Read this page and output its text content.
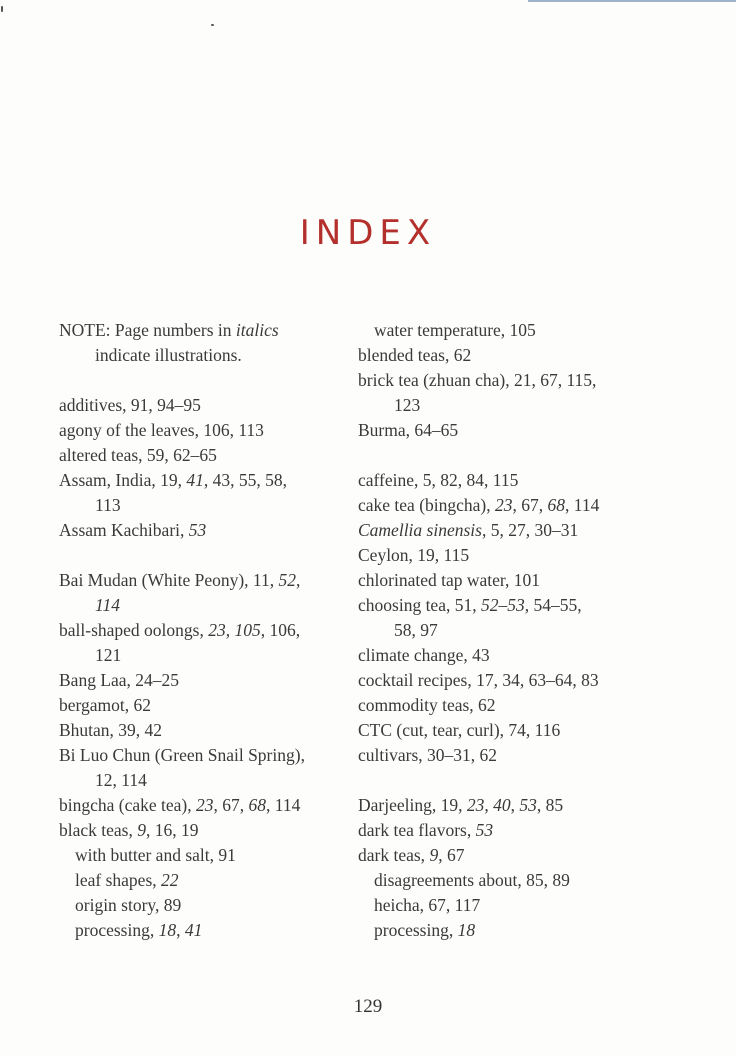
INDEX
NOTE: Page numbers in italics
indicate illustrations.
additives, 91, 94–95
agony of the leaves, 106, 113
altered teas, 59, 62–65
Assam, India, 19, 41, 43, 55, 58,
113
Assam Kachibari, 53
Bai Mudan (White Peony), 11, 52,
114
ball-shaped oolongs, 23, 105, 106,
121
Bang Laa, 24–25
bergamot, 62
Bhutan, 39, 42
Bi Luo Chun (Green Snail Spring),
12, 114
bingcha (cake tea), 23, 67, 68, 114
black teas, 9, 16, 19
with butter and salt, 91
leaf shapes, 22
origin story, 89
processing, 18, 41
water temperature, 105
blended teas, 62
brick tea (zhuan cha), 21, 67, 115,
123
Burma, 64–65
caffeine, 5, 82, 84, 115
cake tea (bingcha), 23, 67, 68, 114
Camellia sinensis, 5, 27, 30–31
Ceylon, 19, 115
chlorinated tap water, 101
choosing tea, 51, 52–53, 54–55,
58, 97
climate change, 43
cocktail recipes, 17, 34, 63–64, 83
commodity teas, 62
CTC (cut, tear, curl), 74, 116
cultivars, 30–31, 62
Darjeeling, 19, 23, 40, 53, 85
dark tea flavors, 53
dark teas, 9, 67
disagreements about, 85, 89
heicha, 67, 117
processing, 18
129
